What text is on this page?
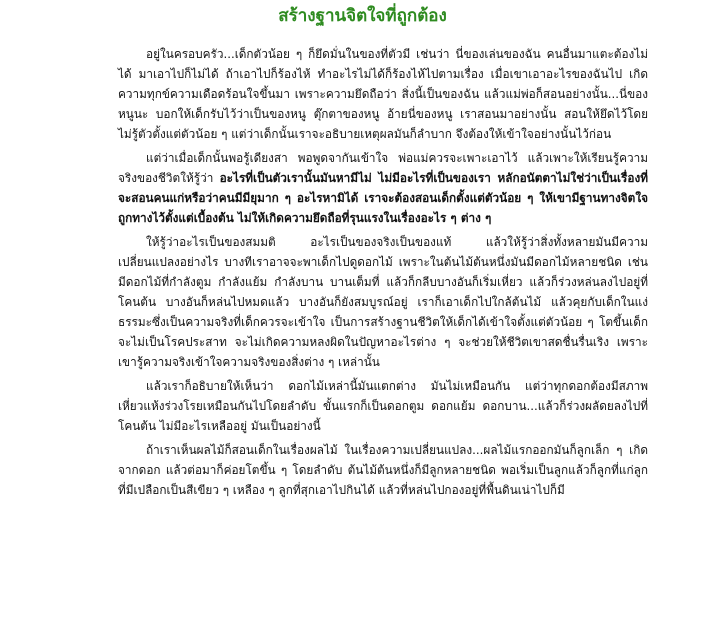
สร้างฐานจิตใจที่ถูกต้อง

อยู่ในครอบครัว...เด็กตัวน้อย ๆ ก็ยึดมั่นในของที่ตัวมี เช่นว่า นี่ของเล่นของฉัน คนอื่นมาแตะต้องไม่ได้ มาเอาไปก็ไม่ได้ ถ้าเอาไปก็ร้องไห้ ทำอะไรไม่ได้ก็ร้องไห้ไปตามเรื่อง เมื่อเขาเอาอะไรของฉันไป เกิดความทุกข์ความเดือดร้อนใจขึ้นมา เพราะความยึดถือว่า สิ่งนี้เป็นของฉัน แล้วแม่พ่อก็สอนอย่างนั้น...นี่ของหนูนะ บอกให้เด็กรับไว้ว่าเป็นของหนู ตุ๊กตาของหนู อ้ายนี่ของหนู เราสอนมาอย่างนั้น สอนให้ยึดไว้โดยไม่รู้ตัวตั้งแต่ตัวน้อย ๆ แต่ว่าเด็กนั้นเราจะอธิบายเหตุผลมันก็ลำบาก จึงต้องให้เข้าใจอย่างนั้นไว้ก่อน

แต่ว่าเมื่อเด็กนั้นพอรู้เดียงสา พอพูดจากันเข้าใจ พ่อแม่ควรจะเพาะเอาไว้ แล้วเพาะให้เรียนรู้ความจริงของชีวิตให้รู้ว่า อะไรที่เป็นตัวเรานั้นมันหามีไม่ ไม่มีอะไรที่เป็นของเรา หลักอนัตตาไม่ใช่ว่าเป็นเรื่องที่จะสอนคนแก่หรือว่าคนมีมียุมาก ๆ อะไรหามิได้ เราจะต้องสอนเด็กตั้งแต่ตัวน้อย ๆ ให้เขามีฐานทางจิตใจถูกทางไว้ตั้งแต่เบื้องต้น ไม่ให้เกิดความยึดถือที่รุนแรงในเรื่องอะไร ๆ ต่าง ๆ

ให้รู้ว่าอะไรเป็นของสมมติ อะไรเป็นของจริงเป็นของแท้ แล้วให้รู้ว่าสิ่งทั้งหลายมันมีความเปลี่ยนแปลงอย่างไร บางทีเราอาจจะพาเด็กไปดูดอกไม้ เพราะในต้นไม้ต้นหนึ่งมันมีดอกไม้หลายชนิด เช่น มีดอกไม้ที่กำลังตูม กำลังแย้ม กำลังบาน บานเต็มที่ แล้วก็กลีบบางอันก็เริ่มเหี่ยว แล้วก็ร่วงหล่นลงไปอยู่ที่โคนต้น บางอันก็หล่นไปหมดแล้ว บางอันก็ยังสมบูรณ์อยู่ เราก็เอาเด็กไปใกล้ต้นไม้ แล้วคุยกับเด็กในแง่ธรรมะซึ่งเป็นความจริงที่เด็กควรจะเข้าใจ เป็นการสร้างฐานชีวิตให้เด็กได้เข้าใจตั้งแต่ตัวน้อย ๆ โตขึ้นเด็กจะไม่เป็นโรคประสาท จะไม่เกิดความหลงผิดในปัญหาอะไรต่าง ๆ จะช่วยให้ชีวิตเขาสดชื่นรื่นเริง เพราะเขารู้ความจริงเข้าใจความจริงของสิ่งต่าง ๆ เหล่านั้น

แล้วเราก็อธิบายให้เห็นว่า ดอกไม้เหล่านี้มันแตกต่าง มันไม่เหมือนกัน แต่ว่าทุกดอกต้องมีสภาพเหี่ยวแห้งร่วงโรยเหมือนกันไปโดยลำดับ ขั้นแรกก็เป็นดอกตูม ดอกแย้ม ดอกบาน...แล้วก็ร่วงผลัดยลงไปที่โคนต้น ไม่มีอะไรเหลืออยู่ มันเป็นอย่างนี้

ถ้าเราเห็นผลไม้ก็สอนเด็กในเรื่องผลไม้ ในเรื่องความเปลี่ยนแปลง...ผลไม้แรกออกมันก็ลูกเล็ก ๆ เกิดจากดอก แล้วต่อมาก็ค่อยโตขึ้น ๆ โดยลำดับ ต้นไม้ต้นหนึ่งก็มีลูกหลายชนิด พอเริ่มเป็นลูกแล้วก็ลูกที่แก่ลูกที่มีเปลือกเป็นสีเขียว ๆ เหลือง ๆ ลูกที่สุกเอาไปกินได้ แล้วที่หล่นไปกองอยู่ที่พื้นดินเน่าไปก็มี
